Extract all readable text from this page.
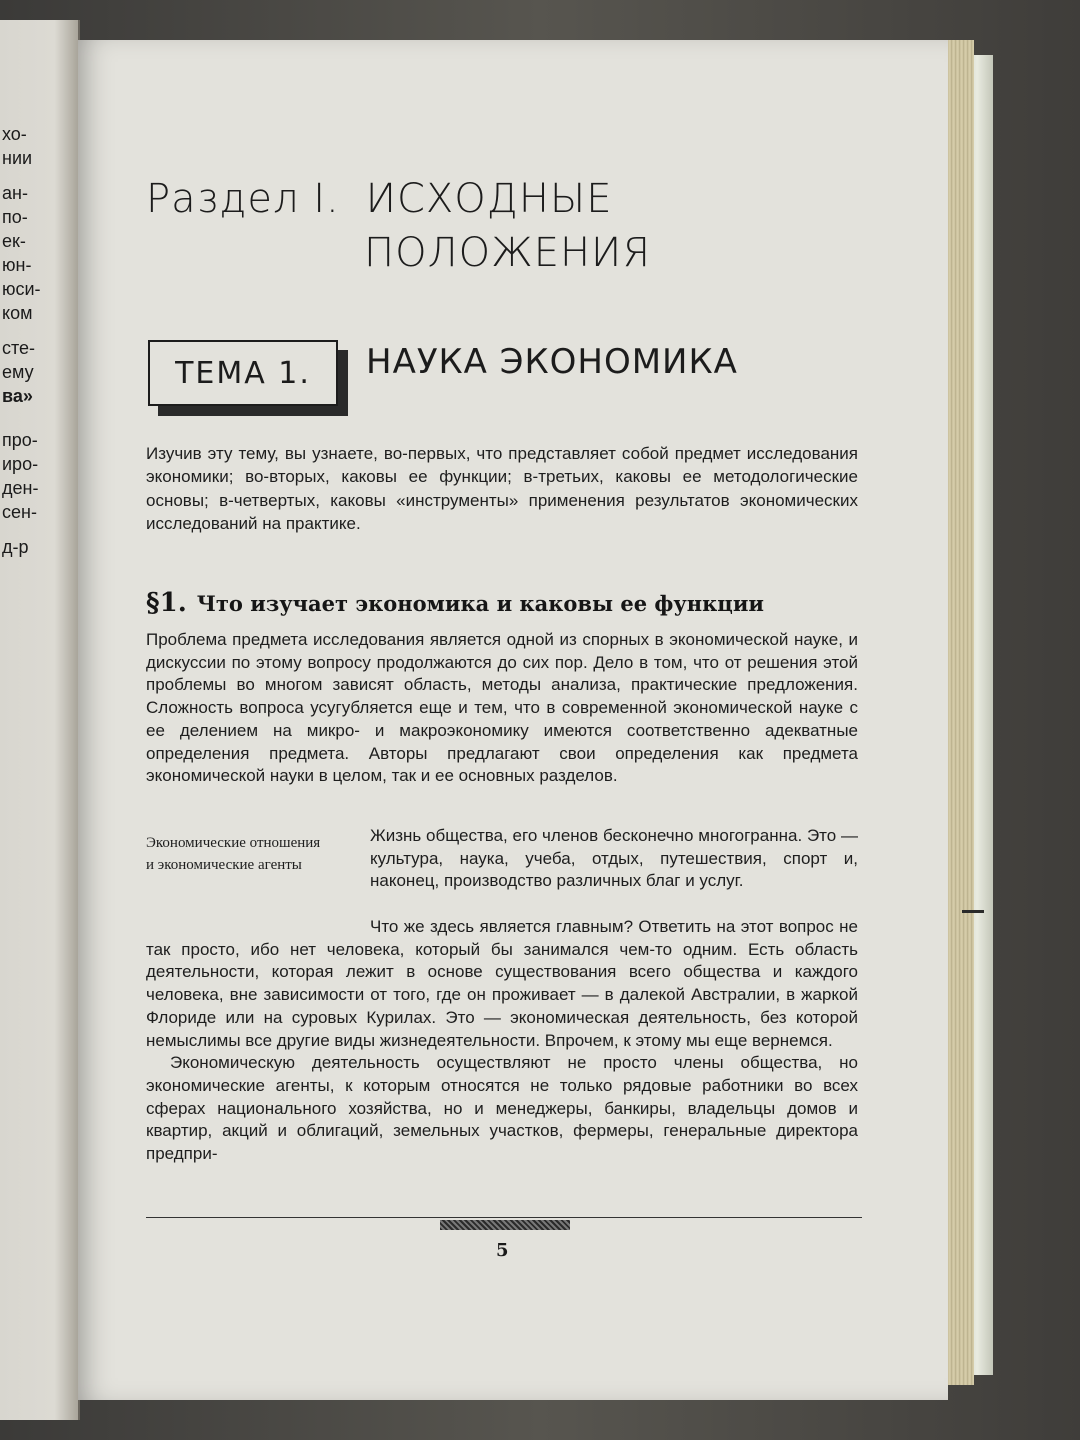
хо-
нии
ан-
по-
ек-
юн-
юси-
ком
сте-
ему
ва»
про-
иро-
ден-
сен-
д-р
Раздел I. ИСХОДНЫЕ
ПОЛОЖЕНИЯ
ТЕМА 1. НАУКА ЭКОНОМИКА
Изучив эту тему, вы узнаете, во-первых, что представляет собой предмет исследования экономики; во-вторых, каковы ее функции; в-третьих, каковы ее методологические основы; в-четвертых, каковы «инструменты» применения результатов экономических исследований на практике.
§1. Что изучает экономика и каковы ее функции
Проблема предмета исследования является одной из спорных в экономической науке, и дискуссии по этому вопросу продолжаются до сих пор. Дело в том, что от решения этой проблемы во многом зависят область, методы анализа, практические предложения. Сложность вопроса усугубляется еще и тем, что в современной экономической науке с ее делением на микро- и макроэкономику имеются соответственно адекватные определения предмета. Авторы предлагают свои определения как предмета экономической науки в целом, так и ее основных разделов.
Экономические отношения и экономические агенты
Жизнь общества, его членов бесконечно многогранна. Это — культура, наука, учеба, отдых, путешествия, спорт и, наконец, производство различных благ и услуг.
Что же здесь является главным? Ответить на этот вопрос не так просто, ибо нет человека, который бы занимался чем-то одним. Есть область деятельности, которая лежит в основе существования всего общества и каждого человека, вне зависимости от того, где он проживает — в далекой Австралии, в жаркой Флориде или на суровых Курилах. Это — экономическая деятельность, без которой немыслимы все другие виды жизнедеятельности. Впрочем, к этому мы еще вернемся.
Экономическую деятельность осуществляют не просто члены общества, но экономические агенты, к которым относятся не только рядовые работники во всех сферах национального хозяйства, но и менеджеры, банкиры, владельцы домов и квартир, акций и облигаций, земельных участков, фермеры, генеральные директора предпри-
5
